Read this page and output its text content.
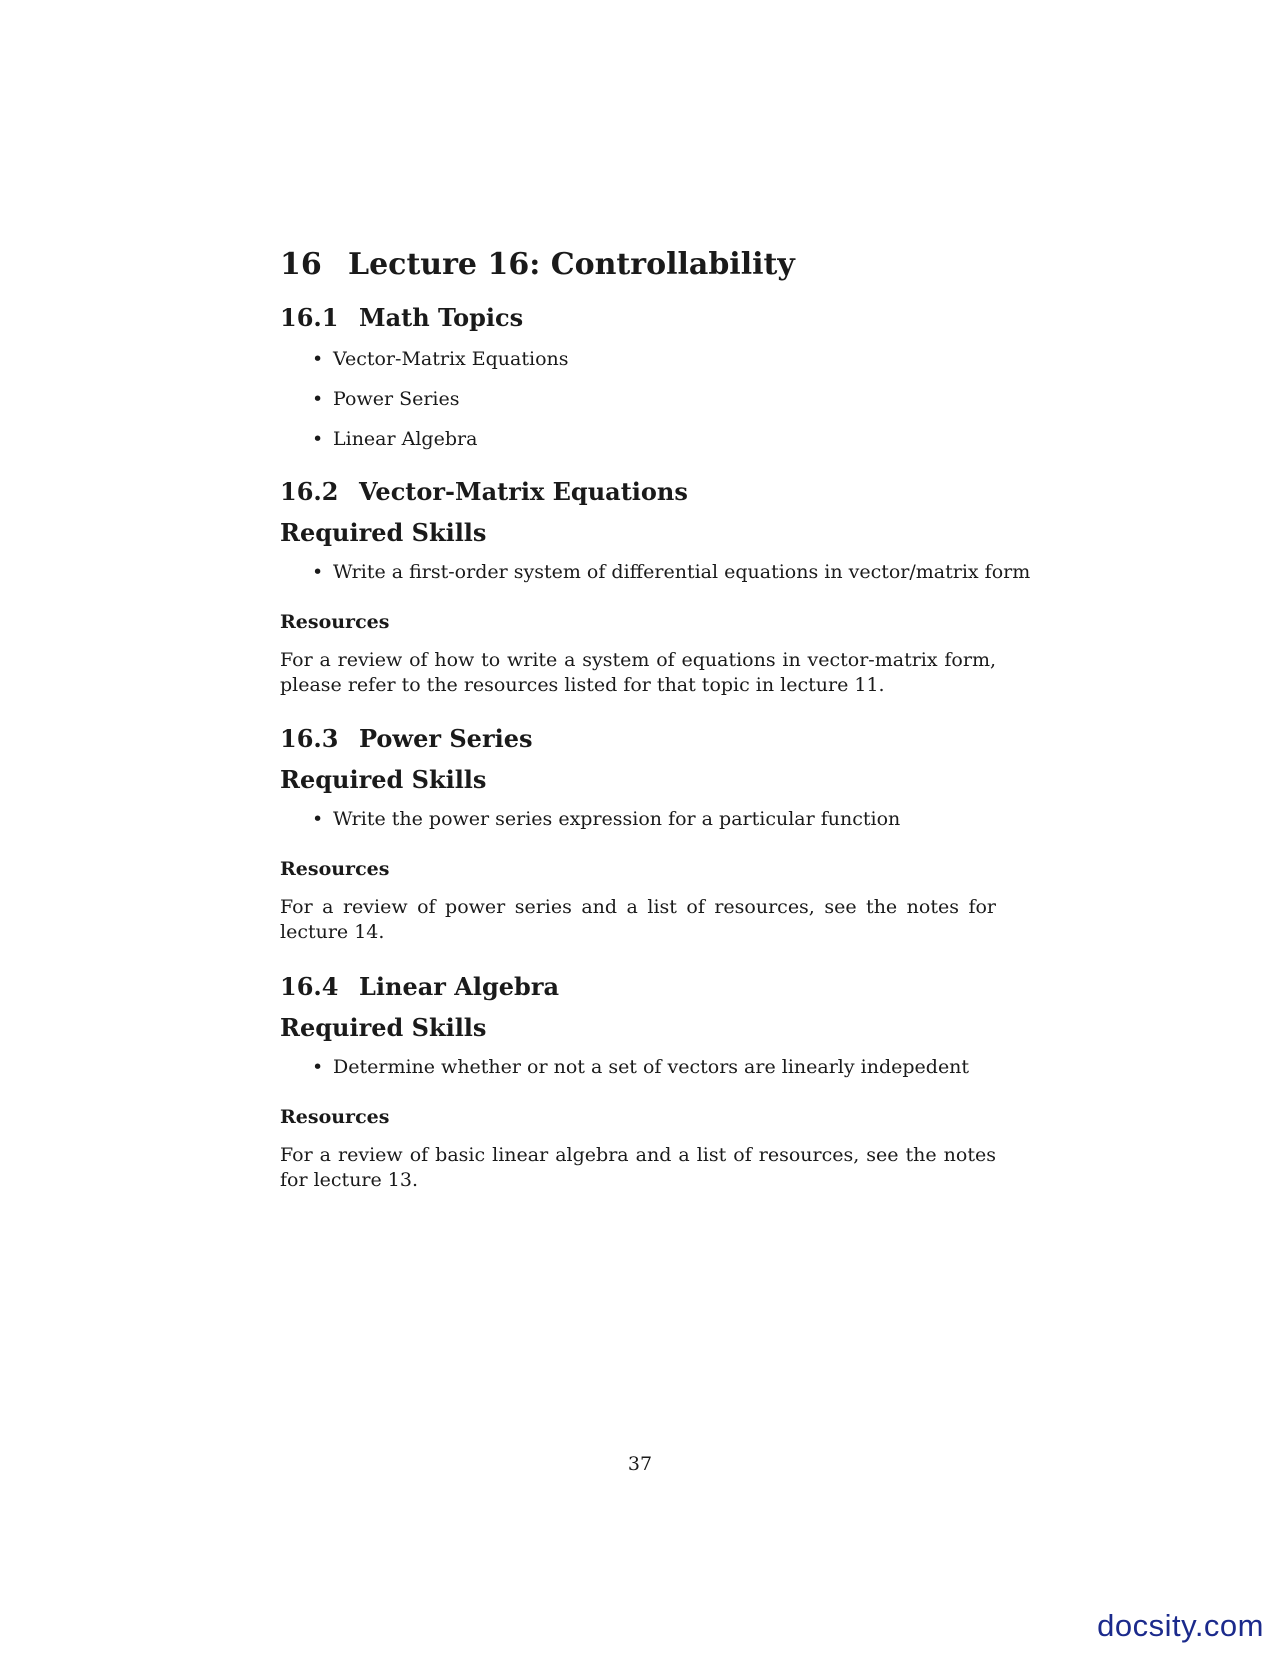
16 Lecture 16: Controllability
16.1 Math Topics
• Vector-Matrix Equations
• Power Series
• Linear Algebra
16.2 Vector-Matrix Equations
Required Skills
• Write a first-order system of differential equations in vector/matrix form
Resources

For a review of how to write a system of equations in vector-matrix form, please refer to the resources listed for that topic in lecture 11.

16.3 Power Series
Required Skills
• Write the power series expression for a particular function
Resources

For a review of power series and a list of resources, see the notes for lecture 14.

16.4 Linear Algebra
Required Skills
• Determine whether or not a set of vectors are linearly indepedent
Resources

For a review of basic linear algebra and a list of resources, see the notes for lecture 13.

37
docsity.com
